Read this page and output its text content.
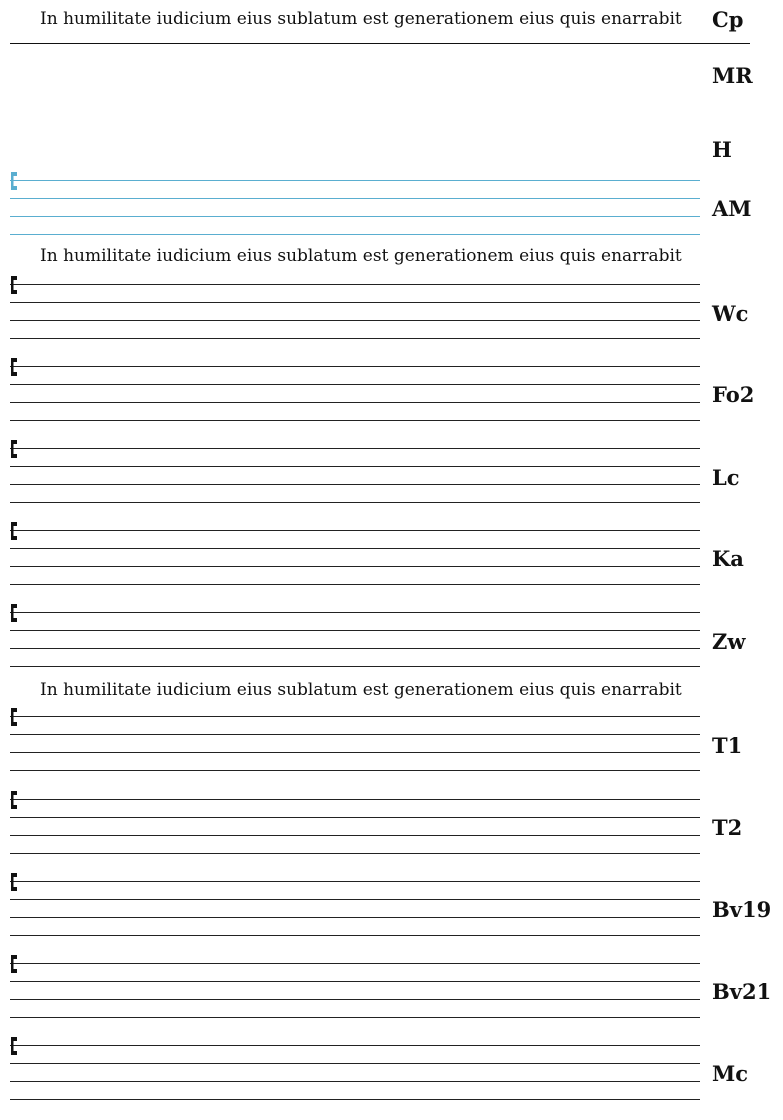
In humilitate iudicium eius sublatum est generationem eius quis enarrabit
In humilitate iudicium eius sublatum est generationem eius quis enarrabit
In humilitate iudicium eius sublatum est generationem eius quis enarrabit
Cp
MR
H
AM
Wc
Fo2
Lc
Ka
Zw
T1
T2
Bv19
Bv21
Mc
